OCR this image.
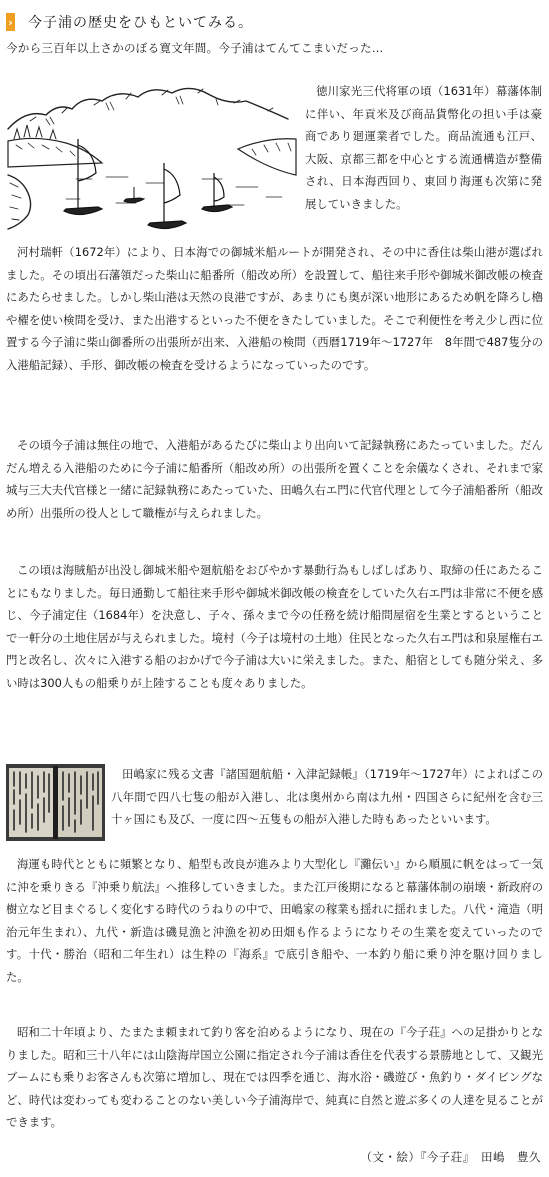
› 今子浦の歴史をひもといてみる。
今から三百年以上さかのぼる寛文年間。今子浦はてんてこまいだった…

徳川家光三代将軍の頃（1631年）幕藩体制に伴い、年貢米及び商品貨幣化の担い手は豪商であり廻運業者でした。商品流通も江戸、大阪、京都三都を中心とする流通構造が整備され、日本海西回り、東回り海運も次第に発展していきました。

河村瑞軒（1672年）により、日本海での御城米船ルートが開発され、その中に香住は柴山港が選ばれました。その頃出石藩領だった柴山に船番所（船改め所）を設置して、船往来手形や御城米御改帳の検査にあたらせました。しかし柴山港は天然の良港ですが、あまりにも奥が深い地形にあるため帆を降ろし櫓や櫂を使い検問を受け、また出港するといった不便をきたしていました。そこで利便性を考え少し西に位置する今子浦に柴山御番所の出張所が出来、入港船の検問（西暦1719年～1727年　8年間で487隻分の入港船記録）、手形、御改帳の検査を受けるようになっていったのです。

その頃今子浦は無住の地で、入港船があるたびに柴山より出向いて記録執務にあたっていました。だんだん増える入港船のために今子浦に船番所（船改め所）の出張所を置くことを余儀なくされ、それまで家城与三大夫代官様と一緒に記録執務にあたっていた、田嶋久右エ門に代官代理として今子浦船番所（船改め所）出張所の役人として職権が与えられました。

この頃は海賊船が出没し御城米船や廻航船をおびやかす暴動行為もしばしばあり、取締の任にあたることにもなりました。毎日通勤して船往来手形や御城米御改帳の検査をしていた久右エ門は非常に不便を感じ、今子浦定住（1684年）を決意し、子々、孫々まで今の任務を続け船問屋宿を生業とするということで一軒分の土地住居が与えられました。境村（今子は境村の土地）住民となった久右エ門は和泉屋権右エ門と改名し、次々に入港する船のおかげで今子浦は大いに栄えました。また、船宿としても随分栄え、多い時は300人もの船乗りが上陸することも度々ありました。

田嶋家に残る文書『諸国廻航船・入津記録帳』（1719年～1727年）によればこの八年間で四八七隻の船が入港し、北は奥州から南は九州・四国さらに紀州を含む三十ヶ国にも及び、一度に四～五隻もの船が入港した時もあったといいます。

海運も時代とともに頻繁となり、船型も改良が進みより大型化し『灘伝い』から順風に帆をはって一気に沖を乗りきる『沖乗り航法』へ推移していきました。また江戸後期になると幕藩体制の崩壊・新政府の樹立など目まぐるしく変化する時代のうねりの中で、田嶋家の稼業も揺れに揺れました。八代・滝造（明治元年生まれ）、九代・新造は磯見漁と沖漁を初め田畑も作るようになりその生業を変えていったのです。十代・勝治（昭和二年生れ）は生粋の『海系』で底引き船や、一本釣り船に乗り沖を駆け回りました。

昭和二十年頃より、たまたま頼まれて釣り客を泊めるようになり、現在の『今子荘』への足掛かりとなりました。昭和三十八年には山陰海岸国立公園に指定され今子浦は香住を代表する景勝地として、又観光ブームにも乗りお客さんも次第に増加し、現在では四季を通じ、海水浴・磯遊び・魚釣り・ダイビングなど、時代は変わっても変わることのない美しい今子浦海岸で、純真に自然と遊ぶ多くの人達を見ることができます。

（文・絵）『今子荘』　田嶋　豊久
